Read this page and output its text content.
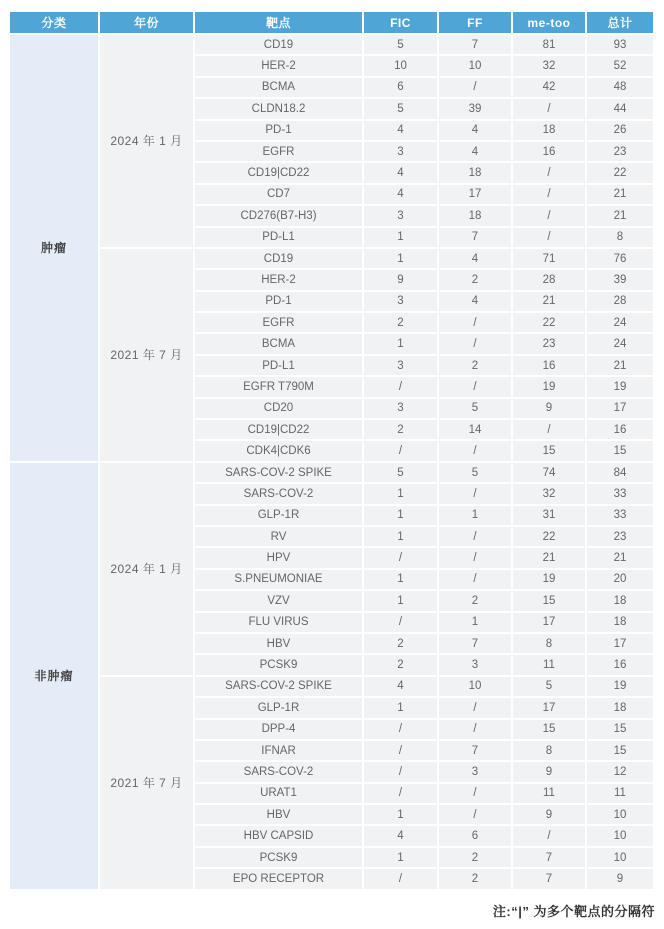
分类	年份	靶点	FIC	FF	me-too	总计
肿瘤	2024 年 1 月	CD19	5	7	81	93
		HER-2	10	10	32	52
		BCMA	6	/	42	48
		CLDN18.2	5	39	/	44
		PD-1	4	4	18	26
		EGFR	3	4	16	23
		CD19|CD22	4	18	/	22
		CD7	4	17	/	21
		CD276(B7-H3)	3	18	/	21
		PD-L1	1	7	/	8
	2021 年 7 月	CD19	1	4	71	76
		HER-2	9	2	28	39
		PD-1	3	4	21	28
		EGFR	2	/	22	24
		BCMA	1	/	23	24
		PD-L1	3	2	16	21
		EGFR T790M	/	/	19	19
		CD20	3	5	9	17
		CD19|CD22	2	14	/	16
		CDK4|CDK6	/	/	15	15
非肿瘤	2024 年 1 月	SARS-COV-2 SPIKE	5	5	74	84
		SARS-COV-2	1	/	32	33
		GLP-1R	1	1	31	33
		RV	1	/	22	23
		HPV	/	/	21	21
		S.PNEUMONIAE	1	/	19	20
		VZV	1	2	15	18
		FLU VIRUS	/	1	17	18
		HBV	2	7	8	17
		PCSK9	2	3	11	16
	2021 年 7 月	SARS-COV-2 SPIKE	4	10	5	19
		GLP-1R	1	/	17	18
		DPP-4	/	/	15	15
		IFNAR	/	7	8	15
		SARS-COV-2	/	3	9	12
		URAT1	/	/	11	11
		HBV	1	/	9	10
		HBV CAPSID	4	6	/	10
		PCSK9	1	2	7	10
		EPO RECEPTOR	/	2	7	9
注:“|” 为多个靶点的分隔符
